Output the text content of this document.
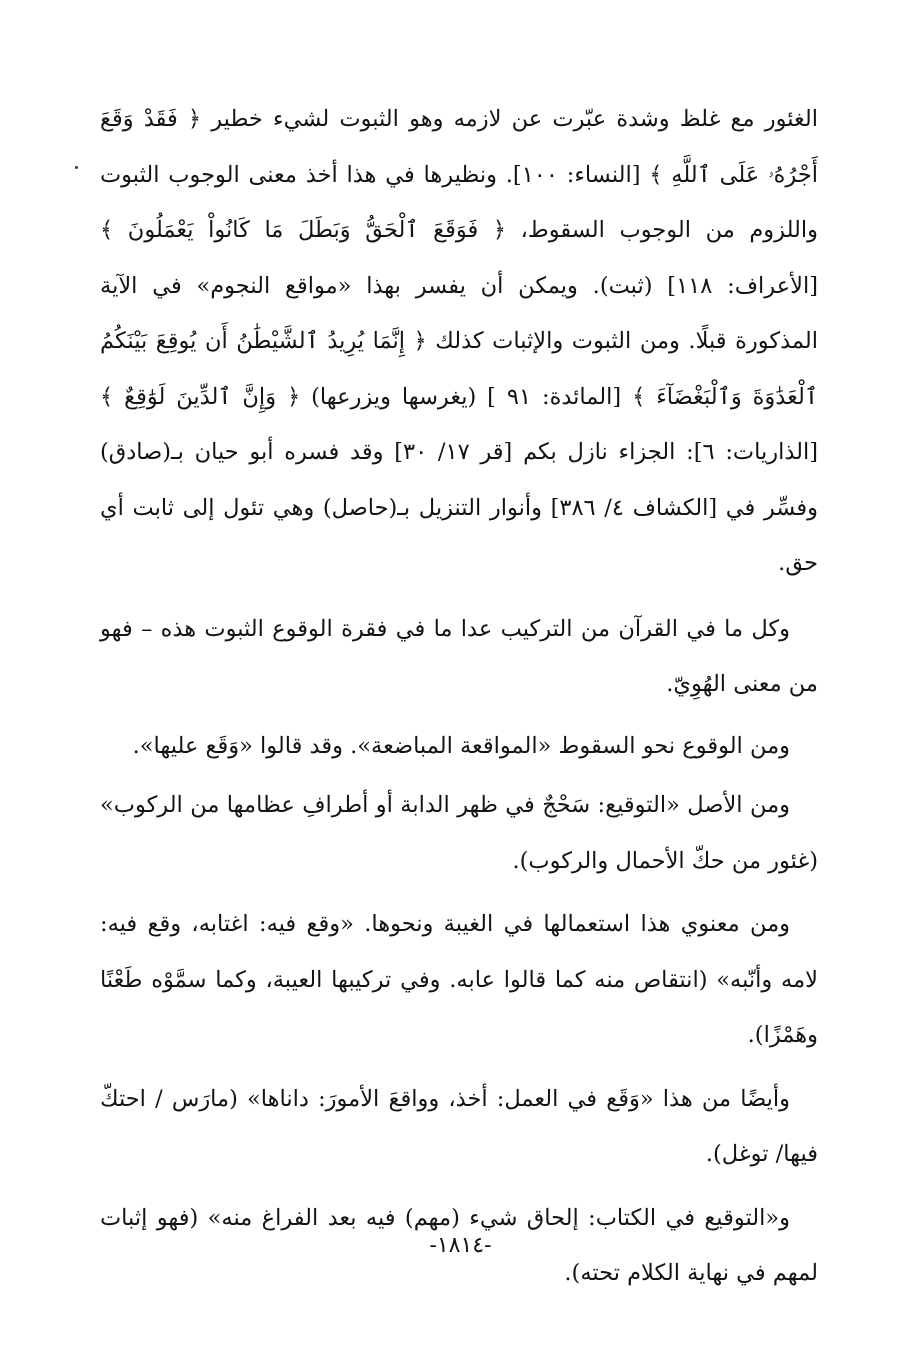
الغئور مع غلظ وشدة عبّرت عن لازمه وهو الثبوت لشيء خطير ﴿ فَقَدْ وَقَعَ أَجْرُهُۥ عَلَى ٱللَّهِ ﴾ [النساء: ١٠٠]. ونظيرها في هذا أخذ معنى الوجوب الثبوت واللزوم من الوجوب السقوط، ﴿ فَوَقَعَ ٱلْحَقُّ وَبَطَلَ مَا كَانُواْ يَعْمَلُونَ ﴾ [الأعراف: ١١٨] (ثبت). ويمكن أن يفسر بهذا «مواقع النجوم» في الآية المذكورة قبلًا. ومن الثبوت والإثبات كذلك ﴿ إِنَّمَا يُرِيدُ ٱلشَّيْطَٰنُ أَن يُوقِعَ بَيْنَكُمُ ٱلْعَدَٰوَةَ وَٱلْبَغْضَآءَ ﴾ [المائدة: ٩١ ] (يغرسها ويزرعها) ﴿ وَإِنَّ ٱلدِّينَ لَوَٰقِعٌ ﴾ [الذاريات: ٦]: الجزاء نازل بكم [قر ١٧/ ٣٠] وقد فسره أبو حيان بـ(صادق) وفسِّر في [الكشاف ٤/ ٣٨٦] وأنوار التنزيل بـ(حاصل) وهي تئول إلى ثابت أي حق.

وكل ما في القرآن من التركيب عدا ما في فقرة الوقوع الثبوت هذه – فهو من معنى الهُوِيّ.

ومن الوقوع نحو السقوط «المواقعة المباضعة». وقد قالوا «وَقَع عليها».

ومن الأصل «التوقيع: سَحْجٌ في ظهر الدابة أو أطرافِ عظامها من الركوب» (غئور من حكّ الأحمال والركوب).

ومن معنوي هذا استعمالها في الغيبة ونحوها. «وقع فيه: اغتابه، وقع فيه: لامه وأنّبه» (انتقاص منه كما قالوا عابه. وفي تركيبها العيبة، وكما سمَّوْه طَعْنًا وهَمْزًا).

وأيضًا من هذا «وَقَع في العمل: أخذ، وواقعَ الأمورَ: داناها» (مارَس / احتكّ فيها/ توغل).

و«التوقيع في الكتاب: إلحاق شيء (مهم) فيه بعد الفراغ منه» (فهو إثبات لمهم في نهاية الكلام تحته).

-١٨١٤-
